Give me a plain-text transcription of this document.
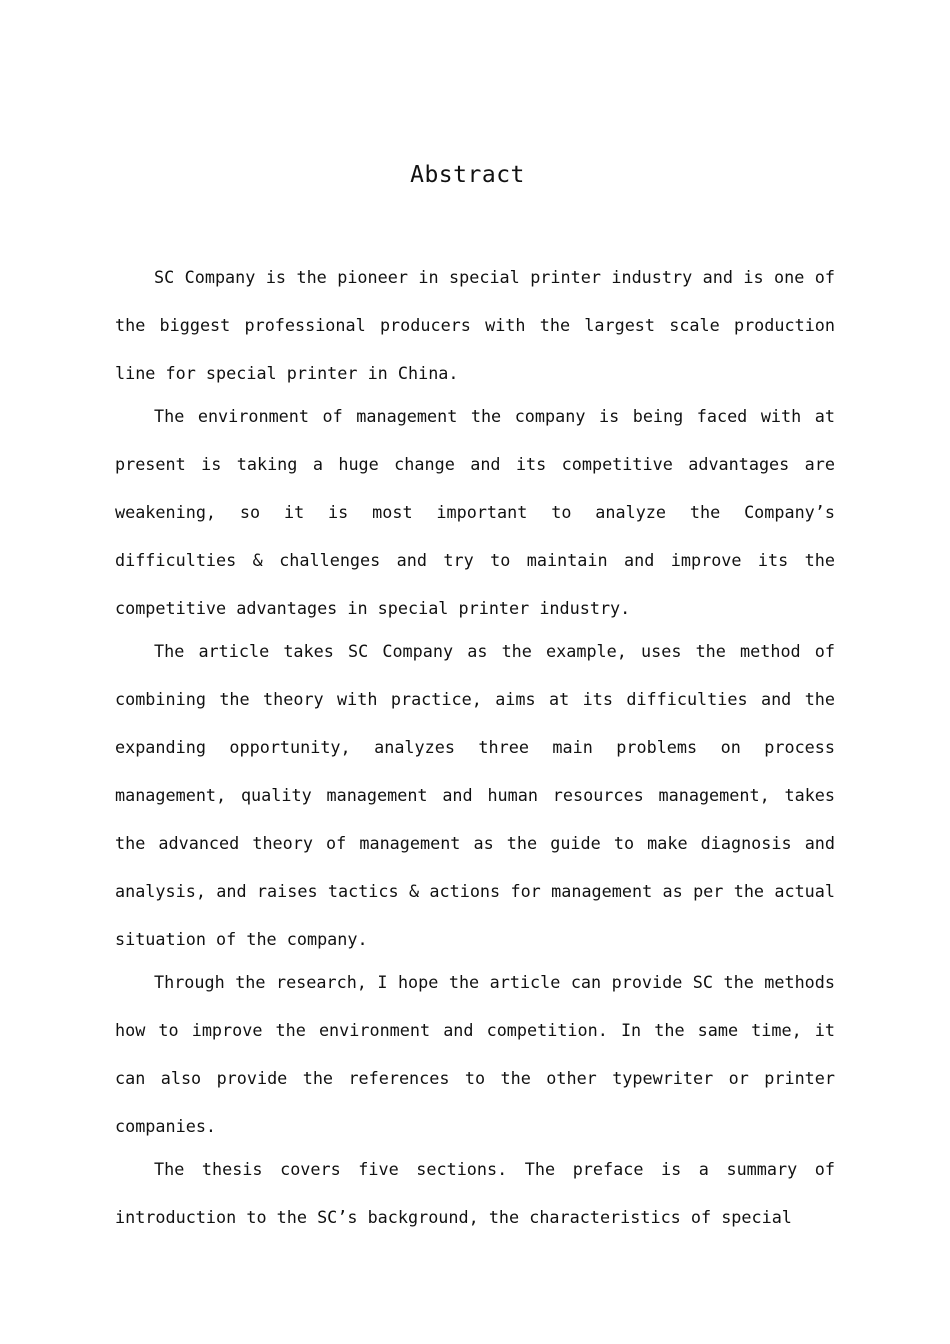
Abstract

SC Company is the pioneer in special printer industry and is one of the biggest professional producers with the largest scale production line for special printer in China.

The environment of management the company is being faced with at present is taking a huge change and its competitive advantages are weakening, so it is most important to analyze the Company’s difficulties & challenges and try to maintain and improve its the competitive advantages in special printer industry.

The article takes SC Company as the example, uses the method of combining the theory with practice, aims at its difficulties and the expanding opportunity, analyzes three main problems on process management, quality management and human resources management, takes the advanced theory of management as the guide to make diagnosis and analysis, and raises tactics & actions for management as per the actual situation of the company.

Through the research, I hope the article can provide SC the methods how to improve the environment and competition. In the same time, it can also provide the references to the other typewriter or printer companies.

The thesis covers five sections. The preface is a summary of introduction to the SC’s background, the characteristics of special
